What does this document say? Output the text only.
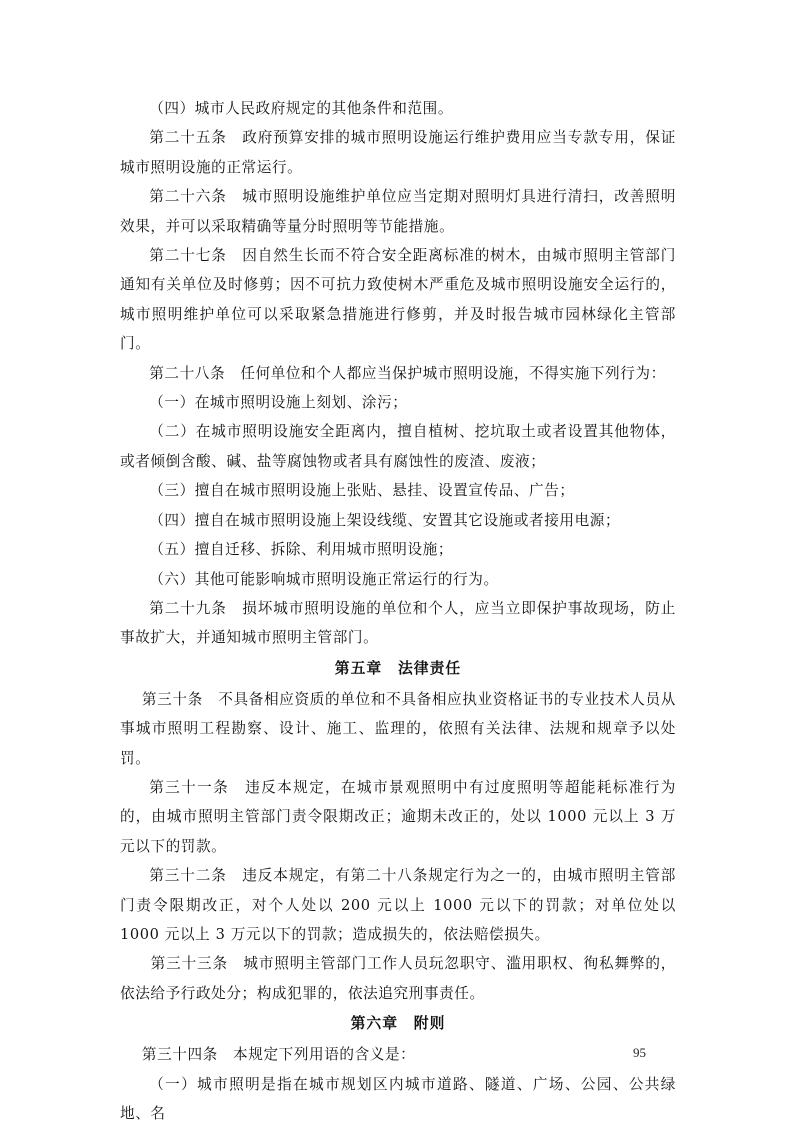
（四）城市人民政府规定的其他条件和范围。

第二十五条　政府预算安排的城市照明设施运行维护费用应当专款专用，保证城市照明设施的正常运行。

第二十六条　城市照明设施维护单位应当定期对照明灯具进行清扫，改善照明效果，并可以采取精确等量分时照明等节能措施。

第二十七条　因自然生长而不符合安全距离标准的树木，由城市照明主管部门通知有关单位及时修剪；因不可抗力致使树木严重危及城市照明设施安全运行的，城市照明维护单位可以采取紧急措施进行修剪，并及时报告城市园林绿化主管部门。

第二十八条　任何单位和个人都应当保护城市照明设施，不得实施下列行为：

（一）在城市照明设施上刻划、涂污；

（二）在城市照明设施安全距离内，擅自植树、挖坑取土或者设置其他物体，或者倾倒含酸、碱、盐等腐蚀物或者具有腐蚀性的废渣、废液；

（三）擅自在城市照明设施上张贴、悬挂、设置宣传品、广告；

（四）擅自在城市照明设施上架设线缆、安置其它设施或者接用电源；

（五）擅自迁移、拆除、利用城市照明设施；

（六）其他可能影响城市照明设施正常运行的行为。

第二十九条　损坏城市照明设施的单位和个人，应当立即保护事故现场，防止事故扩大，并通知城市照明主管部门。

第五章　法律责任

第三十条　不具备相应资质的单位和不具备相应执业资格证书的专业技术人员从事城市照明工程勘察、设计、施工、监理的，依照有关法律、法规和规章予以处罚。

第三十一条　违反本规定，在城市景观照明中有过度照明等超能耗标准行为的，由城市照明主管部门责令限期改正；逾期未改正的，处以 1000 元以上 3 万元以下的罚款。

第三十二条　违反本规定，有第二十八条规定行为之一的，由城市照明主管部门责令限期改正，对个人处以 200 元以上 1000 元以下的罚款；对单位处以 1000 元以上 3 万元以下的罚款；造成损失的，依法赔偿损失。

第三十三条　城市照明主管部门工作人员玩忽职守、滥用职权、徇私舞弊的，依法给予行政处分；构成犯罪的，依法追究刑事责任。

第六章　附则

第三十四条　本规定下列用语的含义是：

（一）城市照明是指在城市规划区内城市道路、隧道、广场、公园、公共绿地、名

95
